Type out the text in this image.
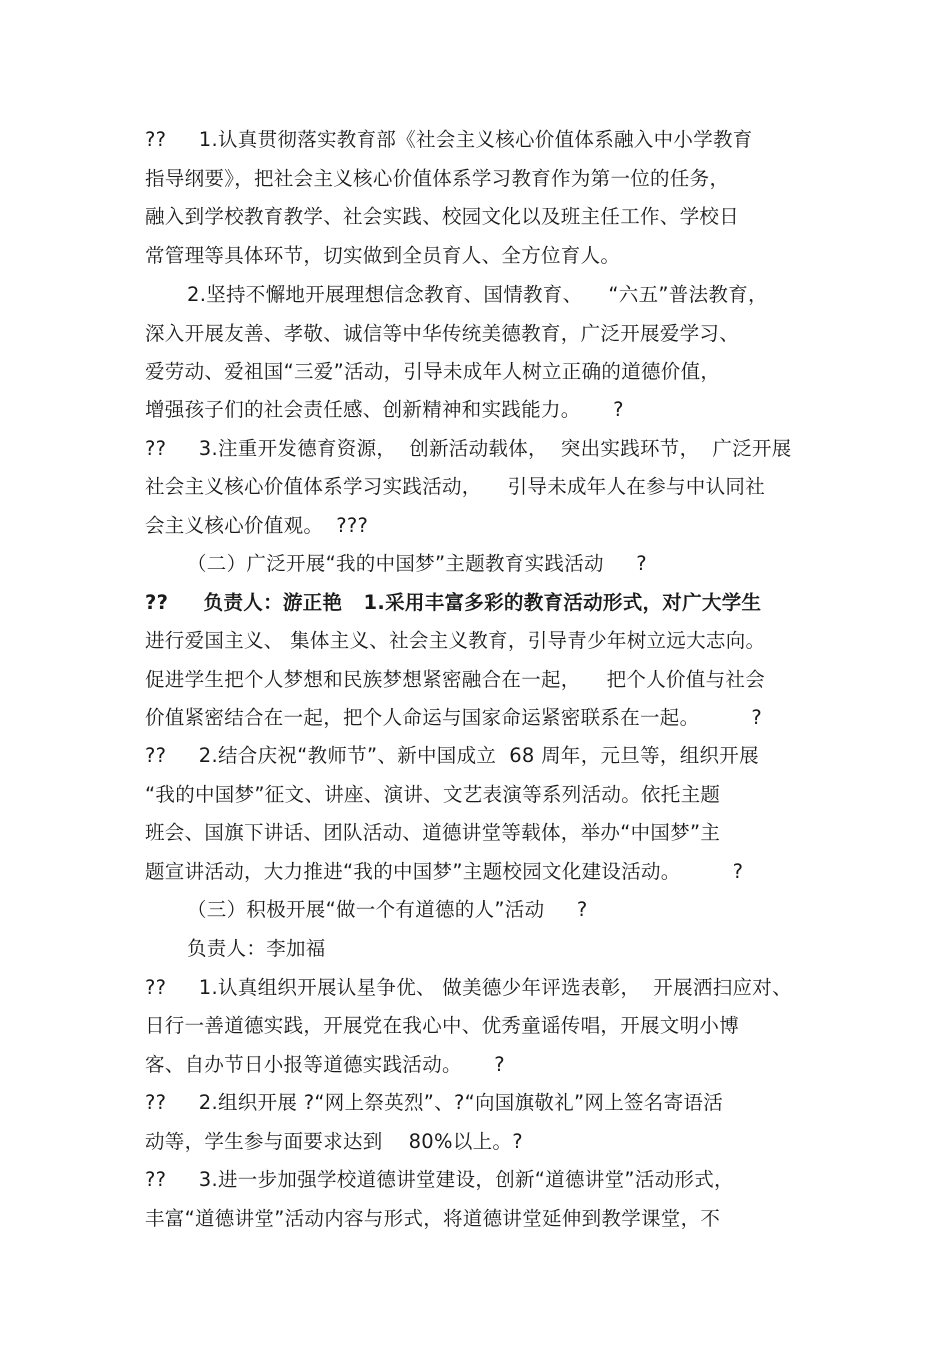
??     1.认真贯彻落实教育部《社会主义核心价值体系融入中小学教育
指导纲要》，把社会主义核心价值体系学习教育作为第一位的任务，
融入到学校教育教学、社会实践、校园文化以及班主任工作、学校日
常管理等具体环节，切实做到全员育人、全方位育人。
2.坚持不懈地开展理想信念教育、国情教育、    “六五”普法教育，
深入开展友善、孝敬、诚信等中华传统美德教育，广泛开展爱学习、
爱劳动、爱祖国“三爱”活动，引导未成年人树立正确的道德价值，
增强孩子们的社会责任感、创新精神和实践能力。     ?
??     3.注重开发德育资源，  创新活动载体，  突出实践环节，  广泛开展
社会主义核心价值体系学习实践活动，    引导未成年人在参与中认同社
会主义核心价值观。  ???
（二）广泛开展“我的中国梦”主题教育实践活动     ?
??     负责人：游正艳   1.采用丰富多彩的教育活动形式，对广大学生
进行爱国主义、 集体主义、社会主义教育，引导青少年树立远大志向。
促进学生把个人梦想和民族梦想紧密融合在一起，    把个人价值与社会
价值紧密结合在一起，把个人命运与国家命运紧密联系在一起。        ?
??     2.结合庆祝“教师节”、新中国成立  68 周年，元旦等，组织开展
“我的中国梦”征文、讲座、演讲、文艺表演等系列活动。依托主题
班会、国旗下讲话、团队活动、道德讲堂等载体，举办“中国梦”主
题宣讲活动，大力推进“我的中国梦”主题校园文化建设活动。        ?
（三）积极开展“做一个有道德的人”活动     ?
负责人：李加福
??     1.认真组织开展认星争优、 做美德少年评选表彰，  开展洒扫应对、
日行一善道德实践，开展党在我心中、优秀童谣传唱，开展文明小博
客、自办节日小报等道德实践活动。     ?
??     2.组织开展 ?“网上祭英烈”、?“向国旗敬礼”网上签名寄语活
动等，学生参与面要求达到    80%以上。?
??     3.进一步加强学校道德讲堂建设，创新“道德讲堂”活动形式，
丰富“道德讲堂”活动内容与形式，将道德讲堂延伸到教学课堂，不
